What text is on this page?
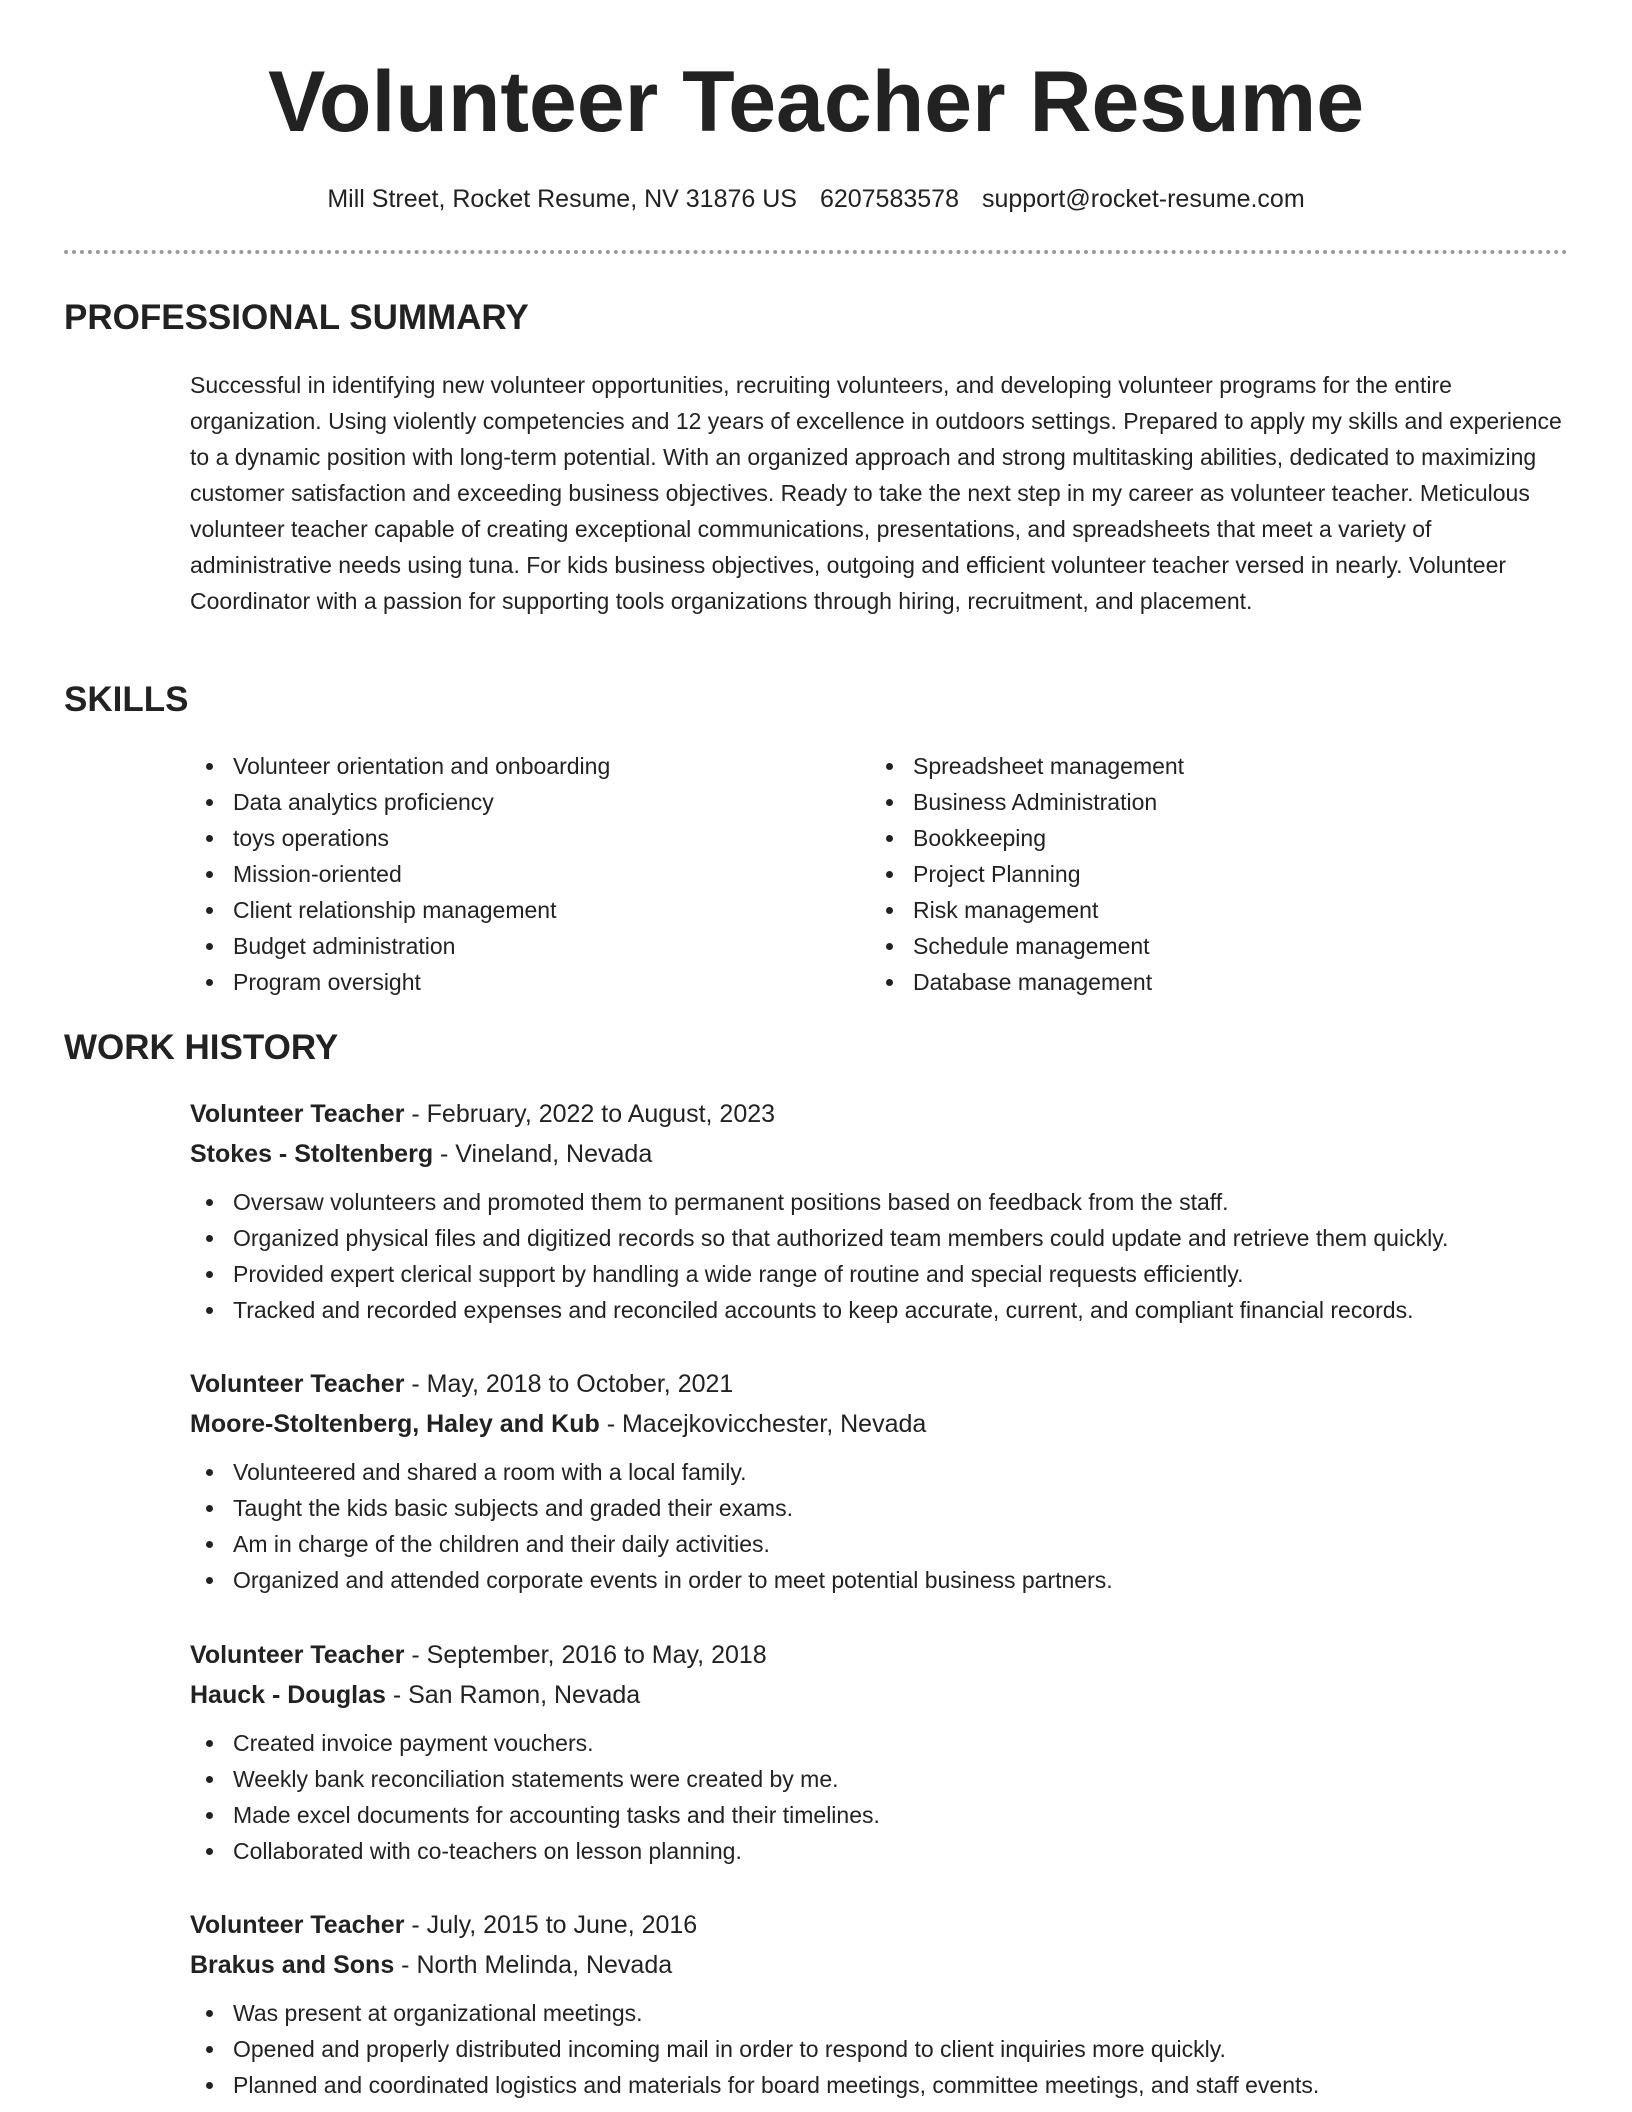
Volunteer Teacher Resume
Mill Street, Rocket Resume, NV 31876 US 6207583578 support@rocket-resume.com
PROFESSIONAL SUMMARY

Successful in identifying new volunteer opportunities, recruiting volunteers, and developing volunteer programs for the entire organization. Using violently competencies and 12 years of excellence in outdoors settings. Prepared to apply my skills and experience to a dynamic position with long-term potential. With an organized approach and strong multitasking abilities, dedicated to maximizing customer satisfaction and exceeding business objectives. Ready to take the next step in my career as volunteer teacher. Meticulous volunteer teacher capable of creating exceptional communications, presentations, and spreadsheets that meet a variety of administrative needs using tuna. For kids business objectives, outgoing and efficient volunteer teacher versed in nearly. Volunteer Coordinator with a passion for supporting tools organizations through hiring, recruitment, and placement.

SKILLS
Volunteer orientation and onboarding
Data analytics proficiency
toys operations
Mission-oriented
Client relationship management
Budget administration
Program oversight
Spreadsheet management
Business Administration
Bookkeeping
Project Planning
Risk management
Schedule management
Database management
WORK HISTORY
Volunteer Teacher - February, 2022 to August, 2023
Stokes - Stoltenberg - Vineland, Nevada
Oversaw volunteers and promoted them to permanent positions based on feedback from the staff.
Organized physical files and digitized records so that authorized team members could update and retrieve them quickly.
Provided expert clerical support by handling a wide range of routine and special requests efficiently.
Tracked and recorded expenses and reconciled accounts to keep accurate, current, and compliant financial records.
Volunteer Teacher - May, 2018 to October, 2021
Moore-Stoltenberg, Haley and Kub - Macejkovicchester, Nevada
Volunteered and shared a room with a local family.
Taught the kids basic subjects and graded their exams.
Am in charge of the children and their daily activities.
Organized and attended corporate events in order to meet potential business partners.
Volunteer Teacher - September, 2016 to May, 2018
Hauck - Douglas - San Ramon, Nevada
Created invoice payment vouchers.
Weekly bank reconciliation statements were created by me.
Made excel documents for accounting tasks and their timelines.
Collaborated with co-teachers on lesson planning.
Volunteer Teacher - July, 2015 to June, 2016
Brakus and Sons - North Melinda, Nevada
Was present at organizational meetings.
Opened and properly distributed incoming mail in order to respond to client inquiries more quickly.
Planned and coordinated logistics and materials for board meetings, committee meetings, and staff events.
